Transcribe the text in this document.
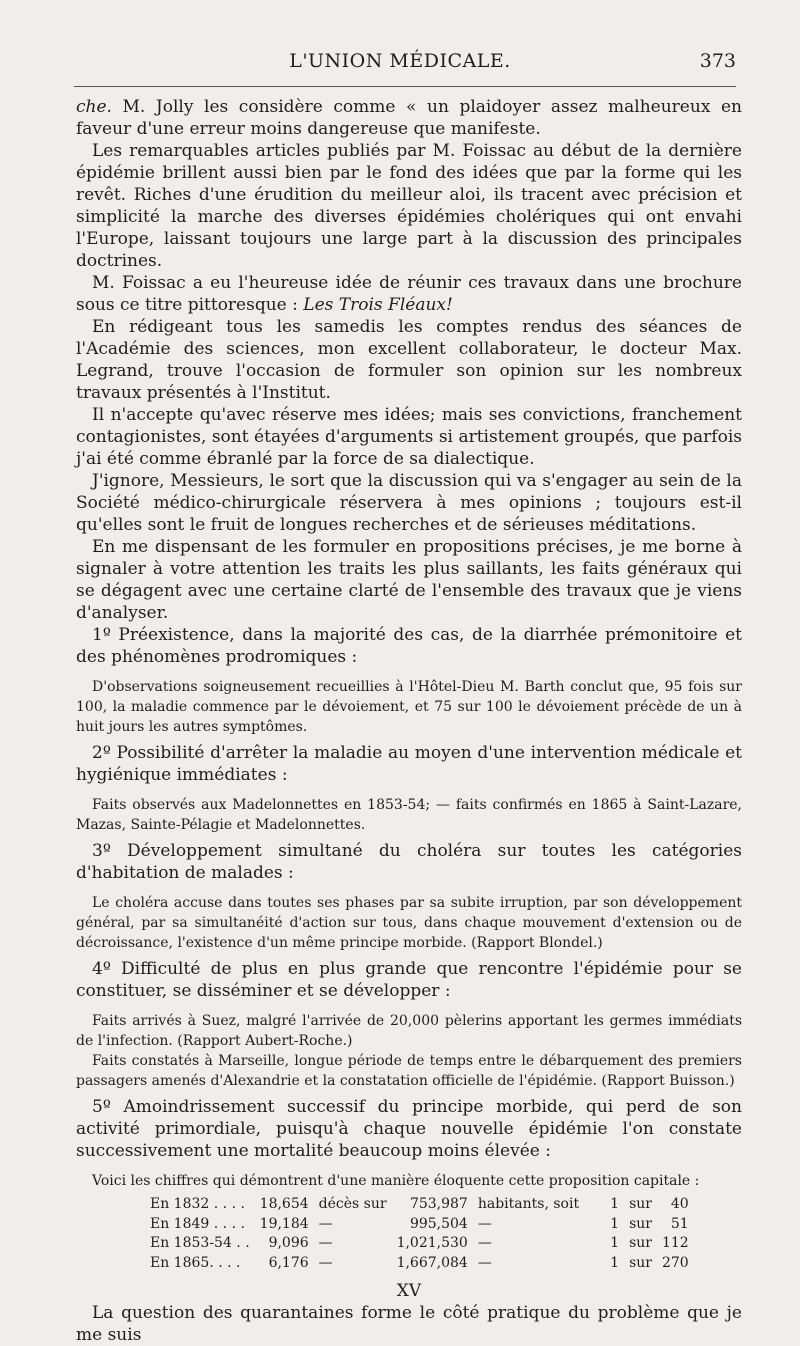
L'UNION MÉDICALE.	373

che. M. Jolly les considère comme « un plaidoyer assez malheureux en faveur d'une erreur moins dangereuse que manifeste.

Les remarquables articles publiés par M. Foissac au début de la dernière épidémie brillent aussi bien par le fond des idées que par la forme qui les revêt. Riches d'une érudition du meilleur aloi, ils tracent avec précision et simplicité la marche des diverses épidémies cholériques qui ont envahi l'Europe, laissant toujours une large part à la discussion des principales doctrines.

M. Foissac a eu l'heureuse idée de réunir ces travaux dans une brochure sous ce titre pittoresque : Les Trois Fléaux!

En rédigeant tous les samedis les comptes rendus des séances de l'Académie des sciences, mon excellent collaborateur, le docteur Max. Legrand, trouve l'occasion de formuler son opinion sur les nombreux travaux présentés à l'Institut.

Il n'accepte qu'avec réserve mes idées; mais ses convictions, franchement contagionistes, sont étayées d'arguments si artistement groupés, que parfois j'ai été comme ébranlé par la force de sa dialectique.

J'ignore, Messieurs, le sort que la discussion qui va s'engager au sein de la Société médico-chirurgicale réservera à mes opinions ; toujours est-il qu'elles sont le fruit de longues recherches et de sérieuses méditations.

En me dispensant de les formuler en propositions précises, je me borne à signaler à votre attention les traits les plus saillants, les faits généraux qui se dégagent avec une certaine clarté de l'ensemble des travaux que je viens d'analyser.

1º Préexistence, dans la majorité des cas, de la diarrhée prémonitoire et des phénomènes prodromiques :

D'observations soigneusement recueillies à l'Hôtel-Dieu M. Barth conclut que, 95 fois sur 100, la maladie commence par le dévoiement, et 75 sur 100 le dévoiement précède de un à huit jours les autres symptômes.

2º Possibilité d'arrêter la maladie au moyen d'une intervention médicale et hygiénique immédiates :

Faits observés aux Madelonnettes en 1853-54; — faits confirmés en 1865 à Saint-Lazare, Mazas, Sainte-Pélagie et Madelonnettes.

3º Développement simultané du choléra sur toutes les catégories d'habitation de malades :

Le choléra accuse dans toutes ses phases par sa subite irruption, par son développement général, par sa simultanéité d'action sur tous, dans chaque mouvement d'extension ou de décroissance, l'existence d'un même principe morbide. (Rapport Blondel.)

4º Difficulté de plus en plus grande que rencontre l'épidémie pour se constituer, se disséminer et se développer :

Faits arrivés à Suez, malgré l'arrivée de 20,000 pèlerins apportant les germes immédiats de l'infection. (Rapport Aubert-Roche.)

Faits constatés à Marseille, longue période de temps entre le débarquement des premiers passagers amenés d'Alexandrie et la constatation officielle de l'épidémie. (Rapport Buisson.)

5º Amoindrissement successif du principe morbide, qui perd de son activité primordiale, puisqu'à chaque nouvelle épidémie l'on constate successivement une mortalité beaucoup moins élevée :

Voici les chiffres qui démontrent d'une manière éloquente cette proposition capitale :

En 1832 . . . .	18,654	décès sur	753,987	habitants, soit	1	sur	40
En 1849 . . . .	19,184	—	995,504	—	1	sur	51
En 1853-54 . .	9,096	—	1,021,530	—	1	sur	112
En 1865. . . .	6,176	—	1,667,084	—	1	sur	270
XV

La question des quarantaines forme le côté pratique du problème que je me suis
